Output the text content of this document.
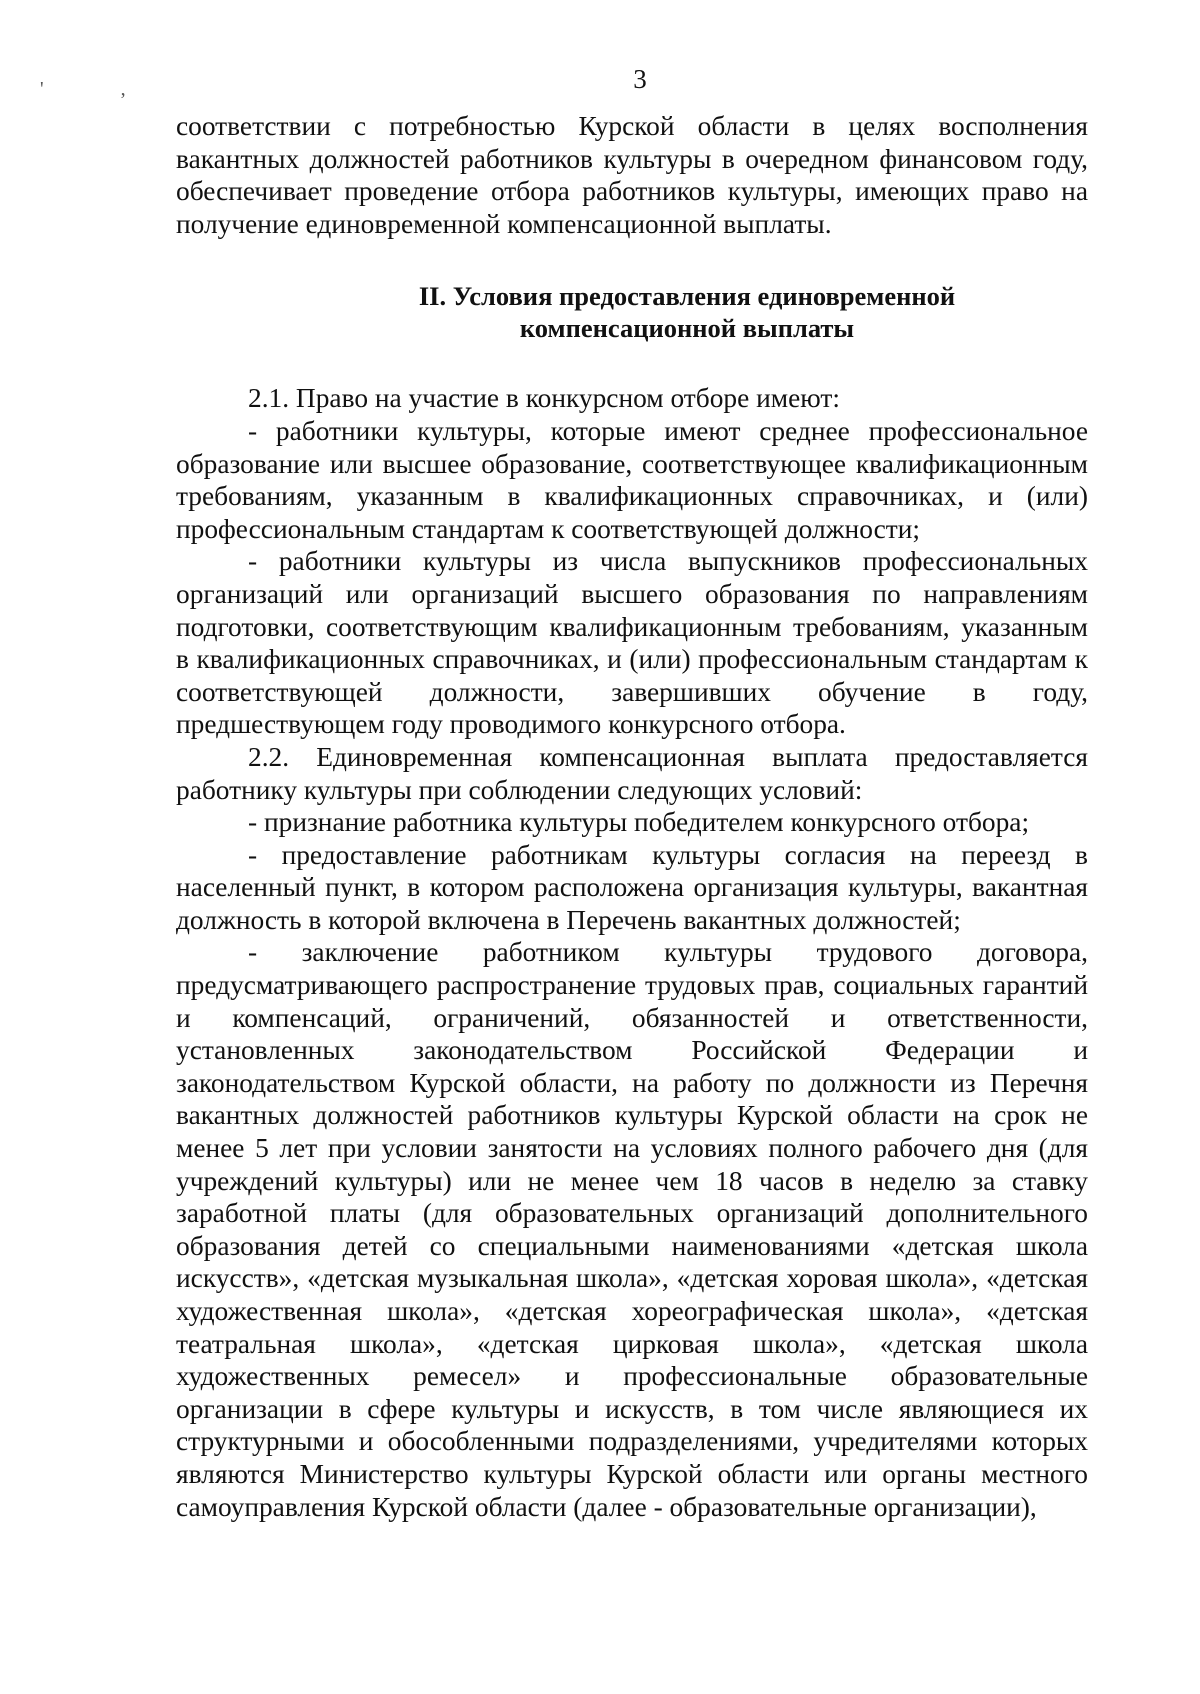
' ,	3

соответствии с потребностью Курской области в целях восполнения вакантных должностей работников культуры в очередном финансовом году, обеспечивает проведение отбора работников культуры, имеющих право на получение единовременной компенсационной выплаты.

II. Условия предоставления единовременной
компенсационной выплаты

2.1. Право на участие в конкурсном отборе имеют:

- работники культуры, которые имеют среднее профессиональное образование или высшее образование, соответствующее квалификационным требованиям, указанным в квалификационных справочниках, и (или) профессиональным стандартам к соответствующей должности;

- работники культуры из числа выпускников профессиональных организаций или организаций высшего образования по направлениям подготовки, соответствующим квалификационным требованиям, указанным в квалификационных справочниках, и (или) профессиональным стандартам к соответствующей должности, завершивших обучение в году, предшествующем году проводимого конкурсного отбора.

2.2. Единовременная компенсационная выплата предоставляется работнику культуры при соблюдении следующих условий:

- признание работника культуры победителем конкурсного отбора;

- предоставление работникам культуры согласия на переезд в населенный пункт, в котором расположена организация культуры, вакантная должность в которой включена в Перечень вакантных должностей;

- заключение работником культуры трудового договора, предусматривающего распространение трудовых прав, социальных гарантий и компенсаций, ограничений, обязанностей и ответственности, установленных законодательством Российской Федерации и законодательством Курской области, на работу по должности из Перечня вакантных должностей работников культуры Курской области на срок не менее 5 лет при условии занятости на условиях полного рабочего дня (для учреждений культуры) или не менее чем 18 часов в неделю за ставку заработной платы (для образовательных организаций дополнительного образования детей со специальными наименованиями «детская школа искусств», «детская музыкальная школа», «детская хоровая школа», «детская художественная школа», «детская хореографическая школа», «детская театральная школа», «детская цирковая школа», «детская школа художественных ремесел» и профессиональные образовательные организации в сфере культуры и искусств, в том числе являющиеся их структурными и обособленными подразделениями, учредителями которых являются Министерство культуры Курской области или органы местного самоуправления Курской области (далее - образовательные организации),
